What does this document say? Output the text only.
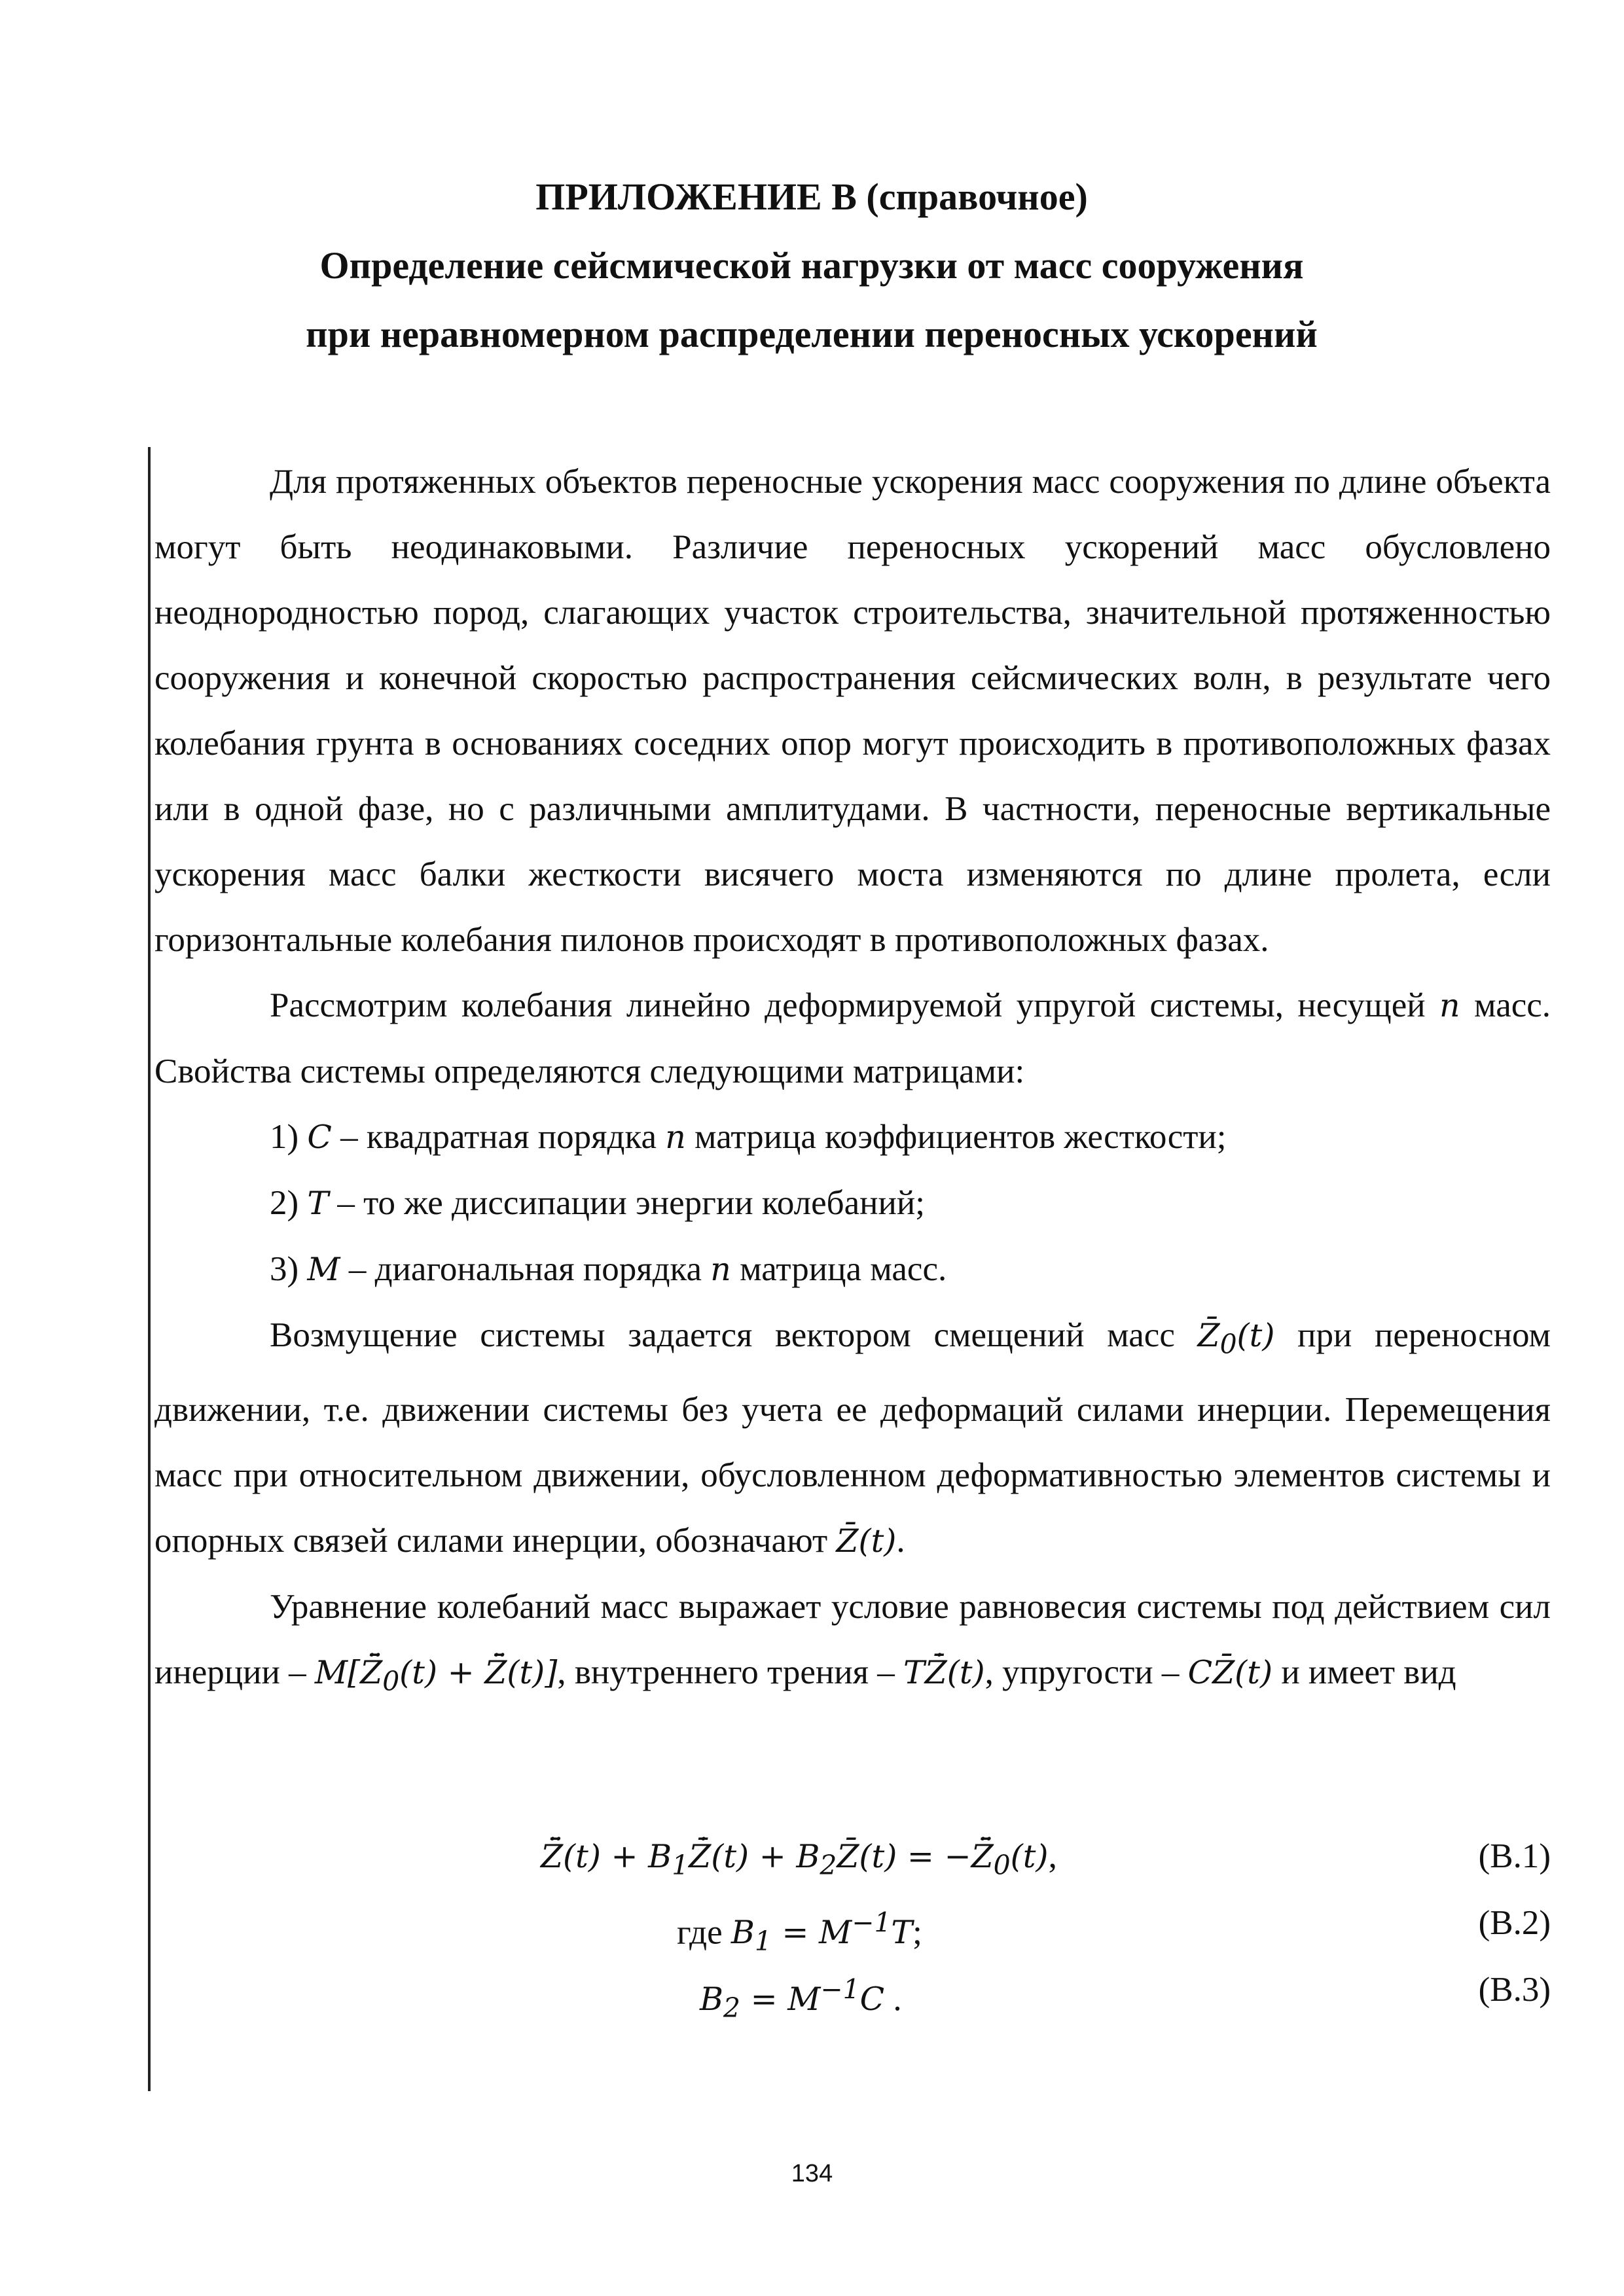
ПРИЛОЖЕНИЕ В (справочное)
Определение сейсмической нагрузки от масс сооружения
при неравномерном распределении переносных ускорений

Для протяженных объектов переносные ускорения масс сооружения по длине объекта могут быть неодинаковыми. Различие переносных ускорений масс обусловлено неоднородностью пород, слагающих участок строительства, значительной протяженностью сооружения и конечной скоростью распространения сейсмических волн, в результате чего колебания грунта в основаниях соседних опор могут происходить в противоположных фазах или в одной фазе, но с различными амплитудами. В частности, переносные вертикальные ускорения масс балки жесткости висячего моста изменяются по длине пролета, если горизонтальные колебания пилонов происходят в противоположных фазах.

Рассмотрим колебания линейно деформируемой упругой системы, несущей n масс. Свойства системы определяются следующими матрицами:

1) C – квадратная порядка n матрица коэффициентов жесткости;

2) T – то же диссипации энергии колебаний;

3) M – диагональная порядка n матрица масс.

Возмущение системы задается вектором смещений масс $Z̄_0(t)$ при переносном движении, т.е. движении системы без учета ее деформаций силами инерции. Перемещения масс при относительном движении, обусловленном деформативностью элементов системы и опорных связей силами инерции, обозначают Z̄(t).

Уравнение колебаний масс выражает условие равновесия системы под действием сил инерции – $M[Z̄̈_0(t)$ + Z̄̈(t)], внутреннего трения – TZ̄̇(t), упругости – CZ̄(t) и имеет вид

Z̄̈(t) + $B_1Z̄̇(t)$ + $B_2Z̄(t)$ = $-Z̄̈_0(t)$,	(В.1)
где $B_1 = M^{-1}T$;	(В.2)
$B_2 = M^{-1}C$ .	(В.3)
134
